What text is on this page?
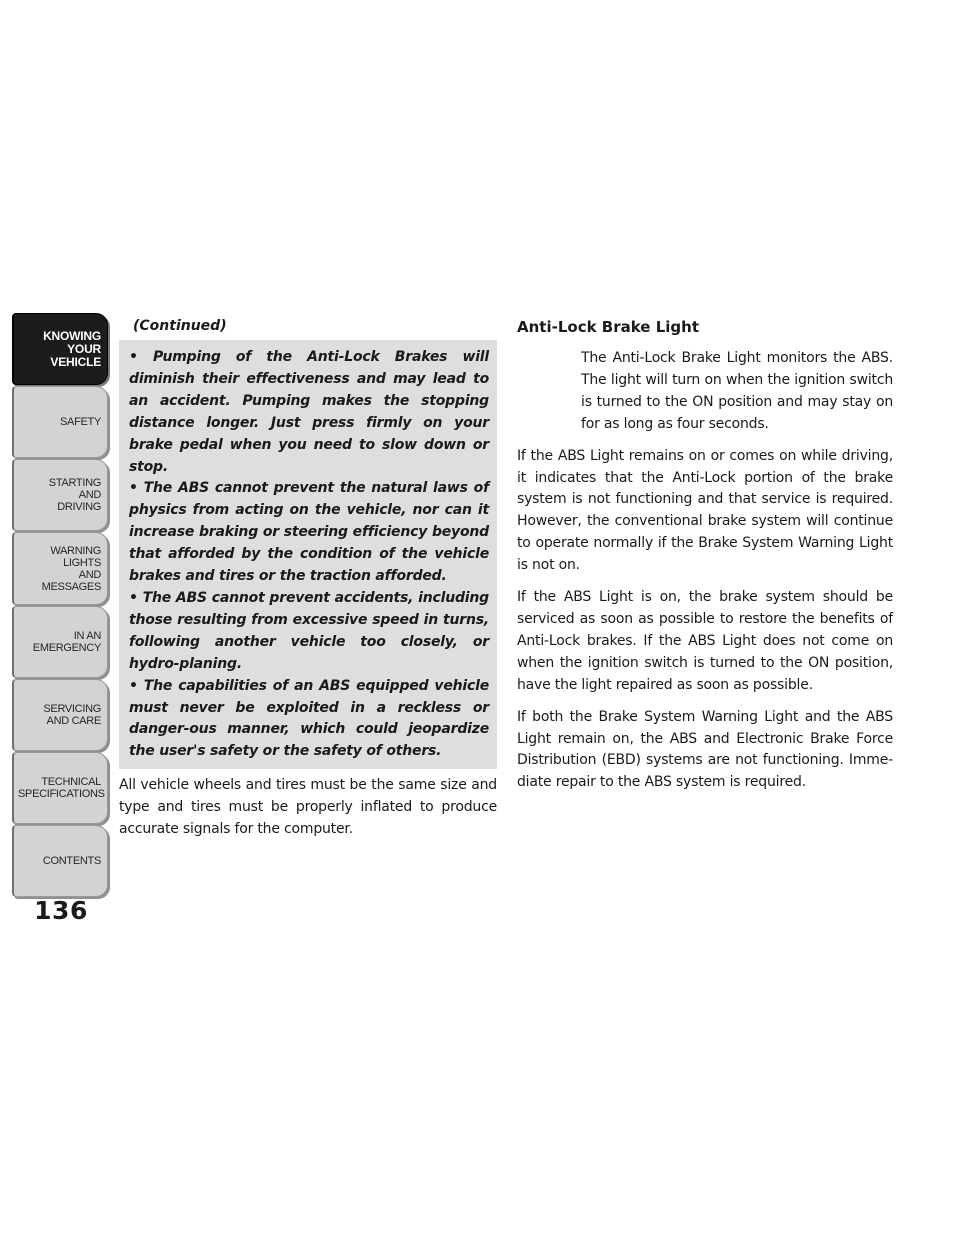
KNOWING
YOUR
VEHICLE
SAFETY
STARTING
AND
DRIVING
WARNING
LIGHTS
AND
MESSAGES
IN AN
EMERGENCY
SERVICING
AND CARE
TECHNICAL
SPECIFICATIONS
CONTENTS
136
(Continued)

• Pumping of the Anti-Lock Brakes will diminish their effectiveness and may lead to an accident. Pumping makes the stopping distance longer. Just press firmly on your brake pedal when you need to slow down or stop.

• The ABS cannot prevent the natural laws of physics from acting on the vehicle, nor can it increase braking or steering efficiency beyond that afforded by the condition of the vehicle brakes and tires or the traction afforded.

• The ABS cannot prevent accidents, including those resulting from excessive speed in turns, following another vehicle too closely, or hydro-planing.

• The capabilities of an ABS equipped vehicle must never be exploited in a reckless or danger-ous manner, which could jeopardize the user's safety or the safety of others.

All vehicle wheels and tires must be the same size and type and tires must be properly inflated to produce accurate signals for the computer.

Anti-Lock Brake Light

The Anti-Lock Brake Light monitors the ABS. The light will turn on when the ignition switch is turned to the ON position and may stay on for as long as four seconds.

If the ABS Light remains on or comes on while driving, it indicates that the Anti-Lock portion of the brake system is not functioning and that service is required. However, the conventional brake system will continue to operate normally if the Brake System Warning Light is not on.

If the ABS Light is on, the brake system should be serviced as soon as possible to restore the benefits of Anti-Lock brakes. If the ABS Light does not come on when the ignition switch is turned to the ON position, have the light repaired as soon as possible.

If both the Brake System Warning Light and the ABS Light remain on, the ABS and Electronic Brake Force Distribution (EBD) systems are not functioning. Imme-diate repair to the ABS system is required.
